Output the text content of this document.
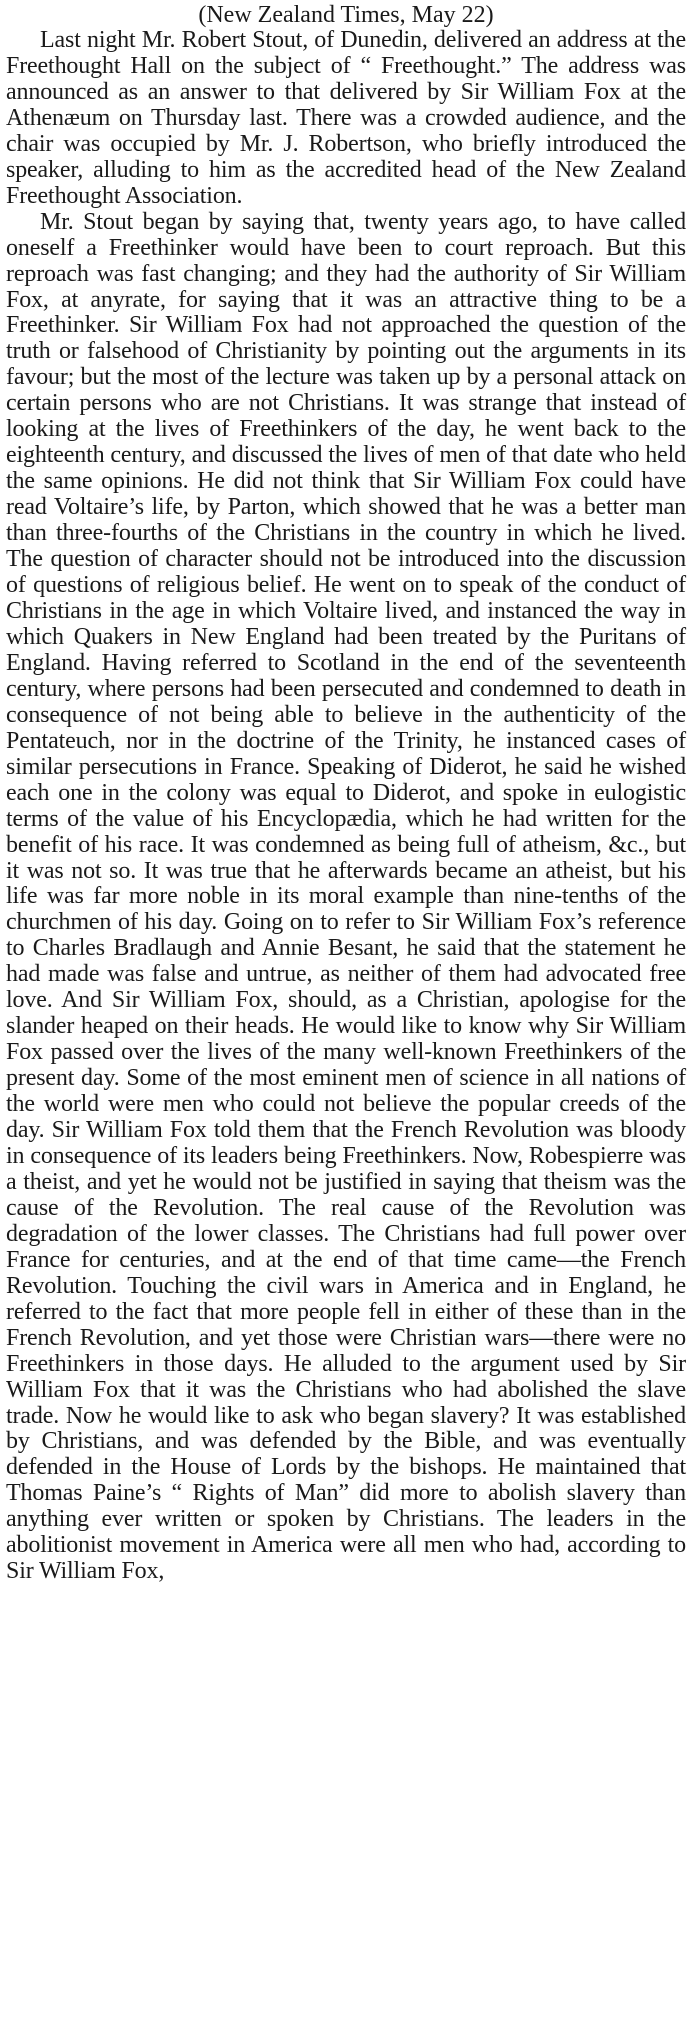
(New Zealand Times, May 22)

Last night Mr. Robert Stout, of Dunedin, delivered an address at the Freethought Hall on the subject of “ Freethought.” The address was announced as an answer to that delivered by Sir William Fox at the Athenæum on Thursday last. There was a crowded audience, and the chair was occupied by Mr. J. Robertson, who briefly introduced the speaker, alluding to him as the accredited head of the New Zealand Freethought Association.

Mr. Stout began by saying that, twenty years ago, to have called oneself a Freethinker would have been to court reproach. But this reproach was fast changing; and they had the authority of Sir William Fox, at anyrate, for saying that it was an attractive thing to be a Freethinker. Sir William Fox had not approached the question of the truth or falsehood of Christianity by pointing out the arguments in its favour; but the most of the lecture was taken up by a personal attack on certain persons who are not Christians. It was strange that instead of looking at the lives of Freethinkers of the day, he went back to the eighteenth century, and discussed the lives of men of that date who held the same opinions. He did not think that Sir William Fox could have read Voltaire’s life, by Parton, which showed that he was a better man than three-fourths of the Christians in the country in which he lived. The question of character should not be introduced into the discussion of questions of religious belief. He went on to speak of the conduct of Christians in the age in which Voltaire lived, and instanced the way in which Quakers in New England had been treated by the Puritans of England. Having referred to Scotland in the end of the seventeenth century, where persons had been persecuted and condemned to death in consequence of not being able to believe in the authenticity of the Pentateuch, nor in the doctrine of the Trinity, he instanced cases of similar persecutions in France. Speaking of Diderot, he said he wished each one in the colony was equal to Diderot, and spoke in eulogistic terms of the value of his Encyclopædia, which he had written for the benefit of his race. It was condemned as being full of atheism, &c., but it was not so. It was true that he afterwards became an atheist, but his life was far more noble in its moral example than nine-tenths of the churchmen of his day. Going on to refer to Sir William Fox’s reference to Charles Bradlaugh and Annie Besant, he said that the statement he had made was false and untrue, as neither of them had advocated free love. And Sir William Fox, should, as a Christian, apologise for the slander heaped on their heads. He would like to know why Sir William Fox passed over the lives of the many well-known Freethinkers of the present day. Some of the most eminent men of science in all nations of the world were men who could not believe the popular creeds of the day. Sir William Fox told them that the French Revolution was bloody in consequence of its leaders being Freethinkers. Now, Robespierre was a theist, and yet he would not be justified in saying that theism was the cause of the Revolution. The real cause of the Revolution was degradation of the lower classes. The Christians had full power over France for centuries, and at the end of that time came—the French Revolution. Touching the civil wars in America and in England, he referred to the fact that more people fell in either of these than in the French Revolution, and yet those were Christian wars—there were no Freethinkers in those days. He alluded to the argument used by Sir William Fox that it was the Christians who had abolished the slave trade. Now he would like to ask who began slavery? It was established by Christians, and was defended by the Bible, and was eventually defended in the House of Lords by the bishops. He maintained that Thomas Paine’s “ Rights of Man” did more to abolish slavery than anything ever written or spoken by Christians. The leaders in the abolitionist movement in America were all men who had, according to Sir William Fox,
